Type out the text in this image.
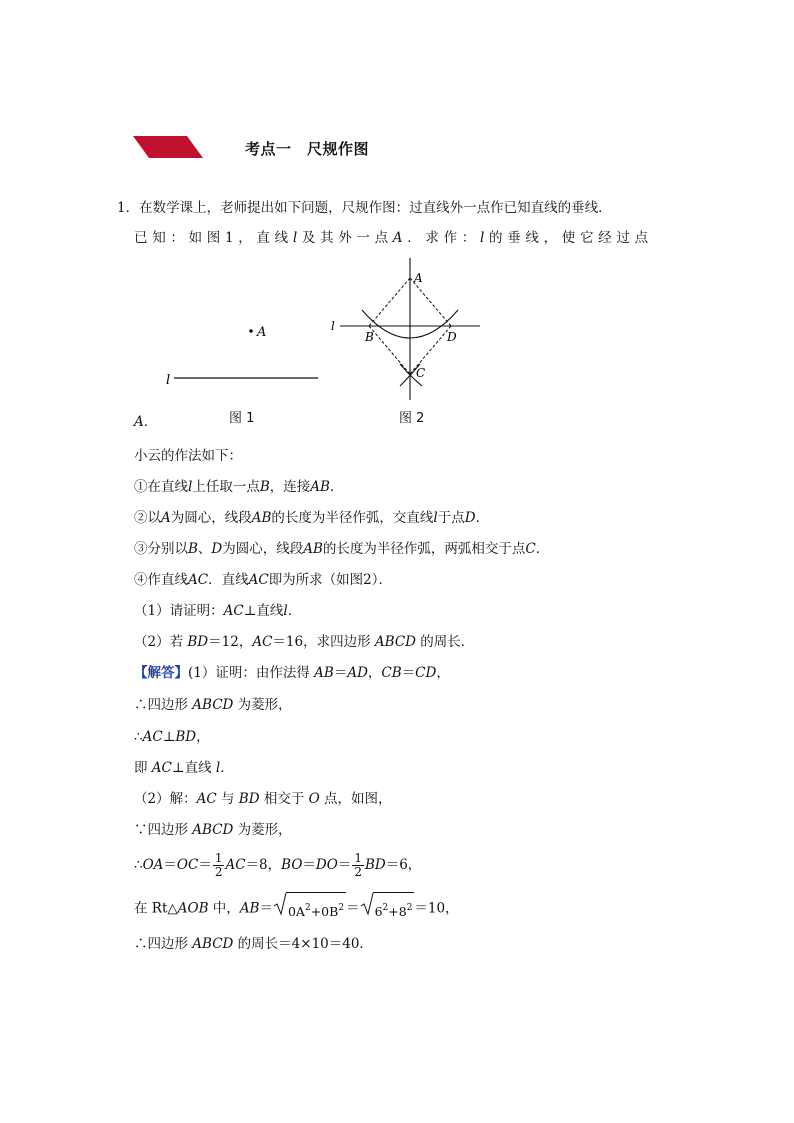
考点一　尺规作图
1．在数学课上，老师提出如下问题，尺规作图：过直线外一点作已知直线的垂线．
已 知 ： 如 图 1 ， 直 线 l 及 其 外 一 点 A ． 求 作 ： l 的 垂 线 ， 使 它 经 过 点
A
l
图 1
A
B	D
C
l
图 2
A．
小云的作法如下：
①在直线l上任取一点B，连接AB．
②以A为圆心，线段AB的长度为半径作弧，交直线l于点D．
③分别以B、D为圆心，线段AB的长度为半径作弧，两弧相交于点C．
④作直线AC．直线AC即为所求（如图2）．
（1）请证明：AC⊥直线l．
（2）若 BD＝12，AC＝16，求四边形 ABCD 的周长．
【解答】(1）证明：由作法得 AB＝AD，CB＝CD，
∴四边形 ABCD 为菱形，
∴AC⊥BD，
即 AC⊥直线 l．
（2）解：AC 与 BD 相交于 O 点，如图，
∵四边形 ABCD 为菱形，
∴OA＝OC＝ $\frac{1}{2} AC=8$，$BO=DO= \frac{1}{2} BD=6$，
在 Rt△AOB 中，$AB= 0A^2+0B^2 = 6^2+8^2 =10$，
∴四边形 ABCD 的周长＝4×10＝40．
